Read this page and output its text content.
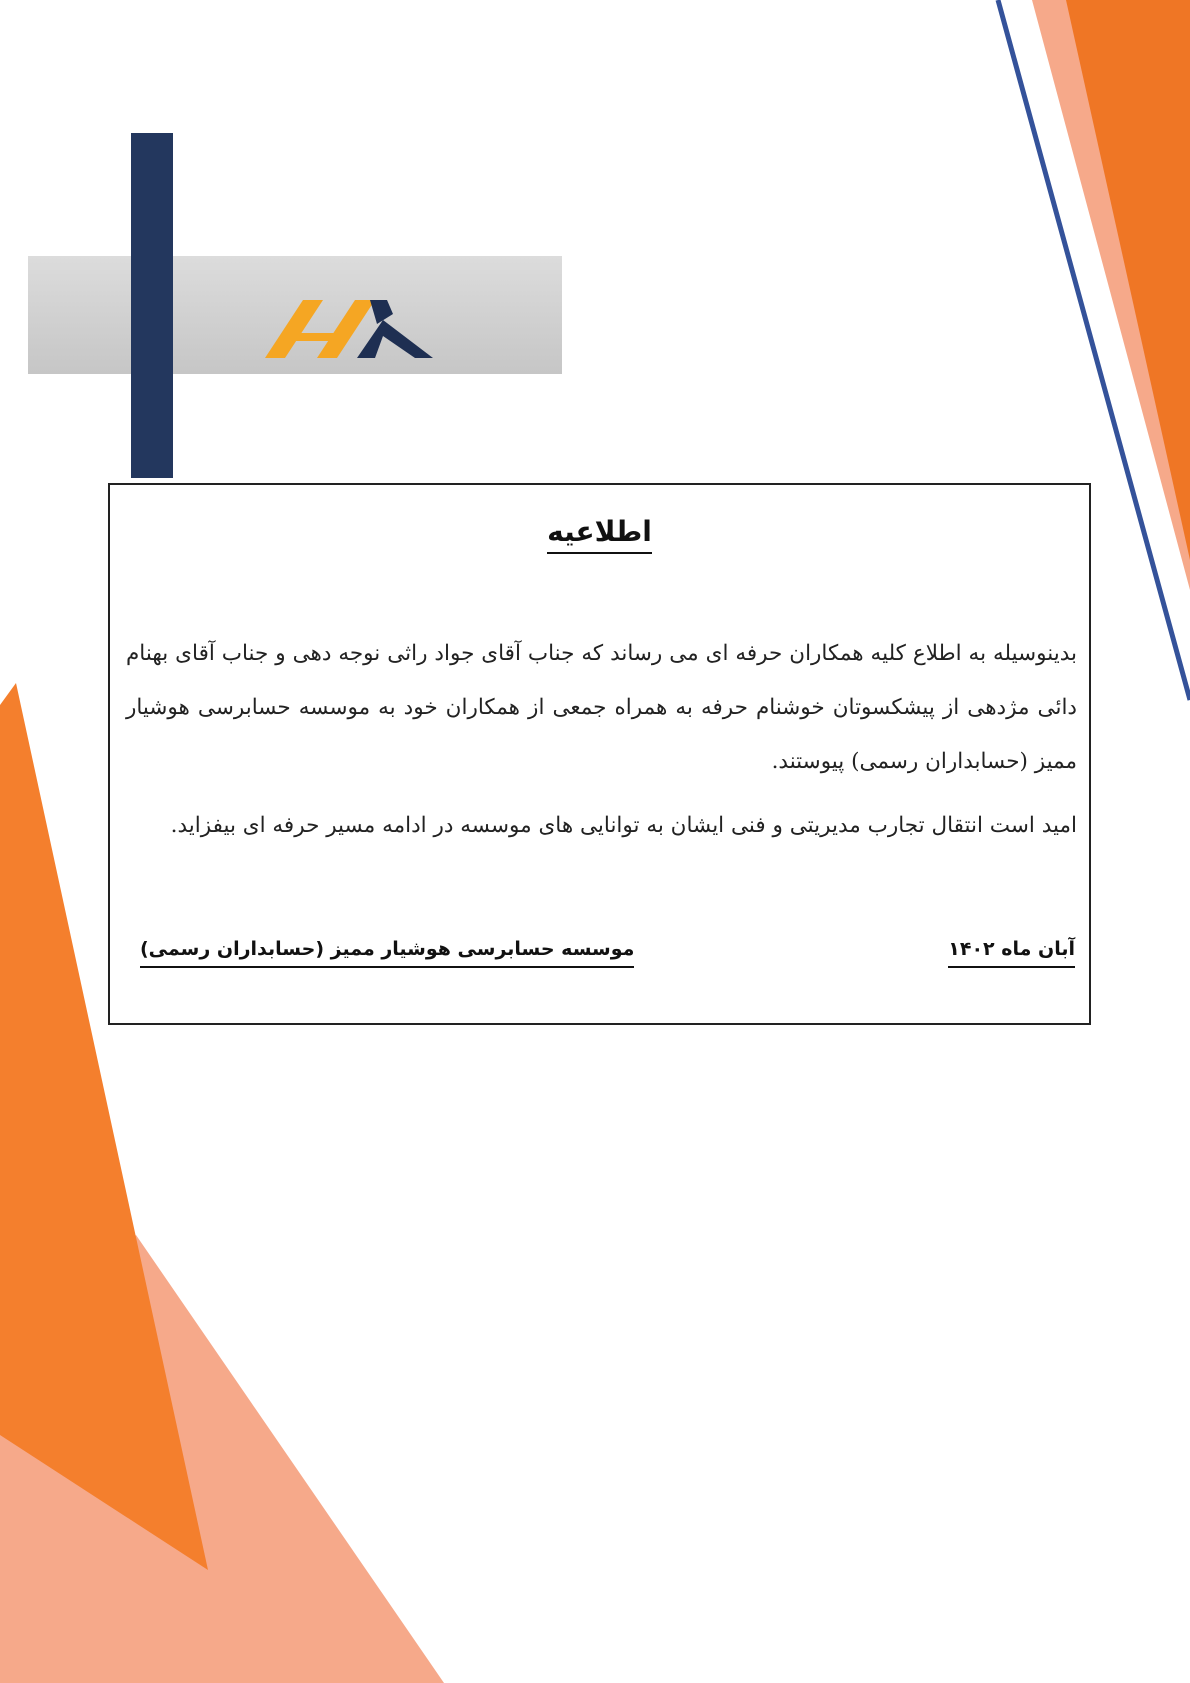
اطلاعیه

بدینوسیله به اطلاع کلیه همکاران حرفه ای می رساند که جناب آقای جواد راثی نوجه دهی و جناب آقای بهنام دائی مژدهی از پیشکسوتان خوشنام حرفه به همراه جمعی از همکاران خود به موسسه حسابرسی هوشیار ممیز (حسابداران رسمی) پیوستند.

امید است انتقال تجارب مدیریتی و فنی ایشان به توانایی های موسسه در ادامه مسیر حرفه ای بیفزاید.

آبان ماه ۱۴۰۲
موسسه حسابرسی هوشیار ممیز (حسابداران رسمی)
